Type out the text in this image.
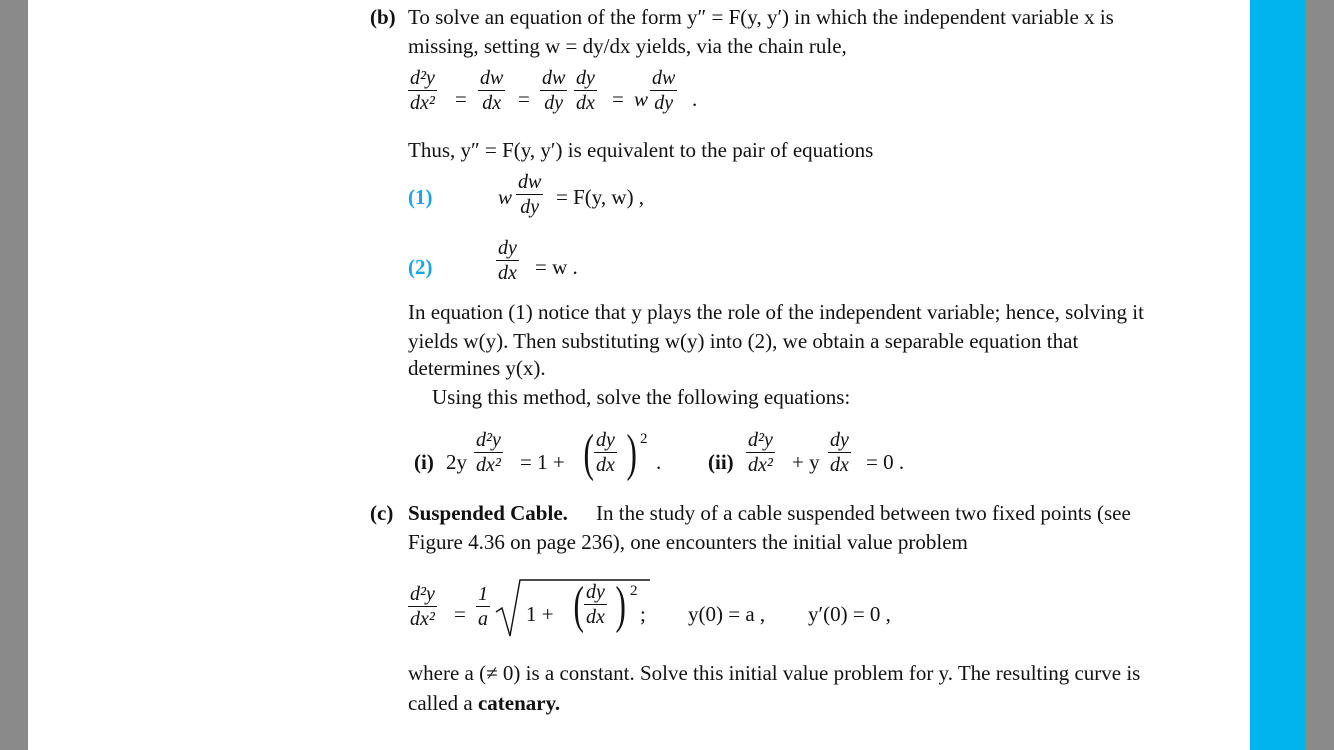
(b) To solve an equation of the form y″ = F(y, y′) in which the independent variable x is
missing, setting w = dy/dx yields, via the chain rule,
d²y
dx² =
dw
dx =
dw
dy
dy
dx = w
dw
dy .
Thus, y″ = F(y, y′) is equivalent to the pair of equations
(1)	w
dw
dy = F(y, w) ,
(2)
dy
dx = w .
In equation (1) notice that y plays the role of the independent variable; hence, solving it
yields w(y). Then substituting w(y) into (2), we obtain a separable equation that
determines y(x).
Using this method, solve the following equations:
(i) 2y
d²y
dx² = 1 + ( dy
dx ) 2
. (ii)
d²y
dx² + y
dy
dx = 0 .
(c) Suspended Cable. In the study of a cable suspended between two fixed points (see
Figure 4.36 on page 236), one encounters the initial value problem
d²y
dx² =
1
a 1 + ( dy
dx ) 2
; y(0) = a , y′(0) = 0 ,
where a (≠ 0) is a constant. Solve this initial value problem for y. The resulting curve is
called a catenary.
